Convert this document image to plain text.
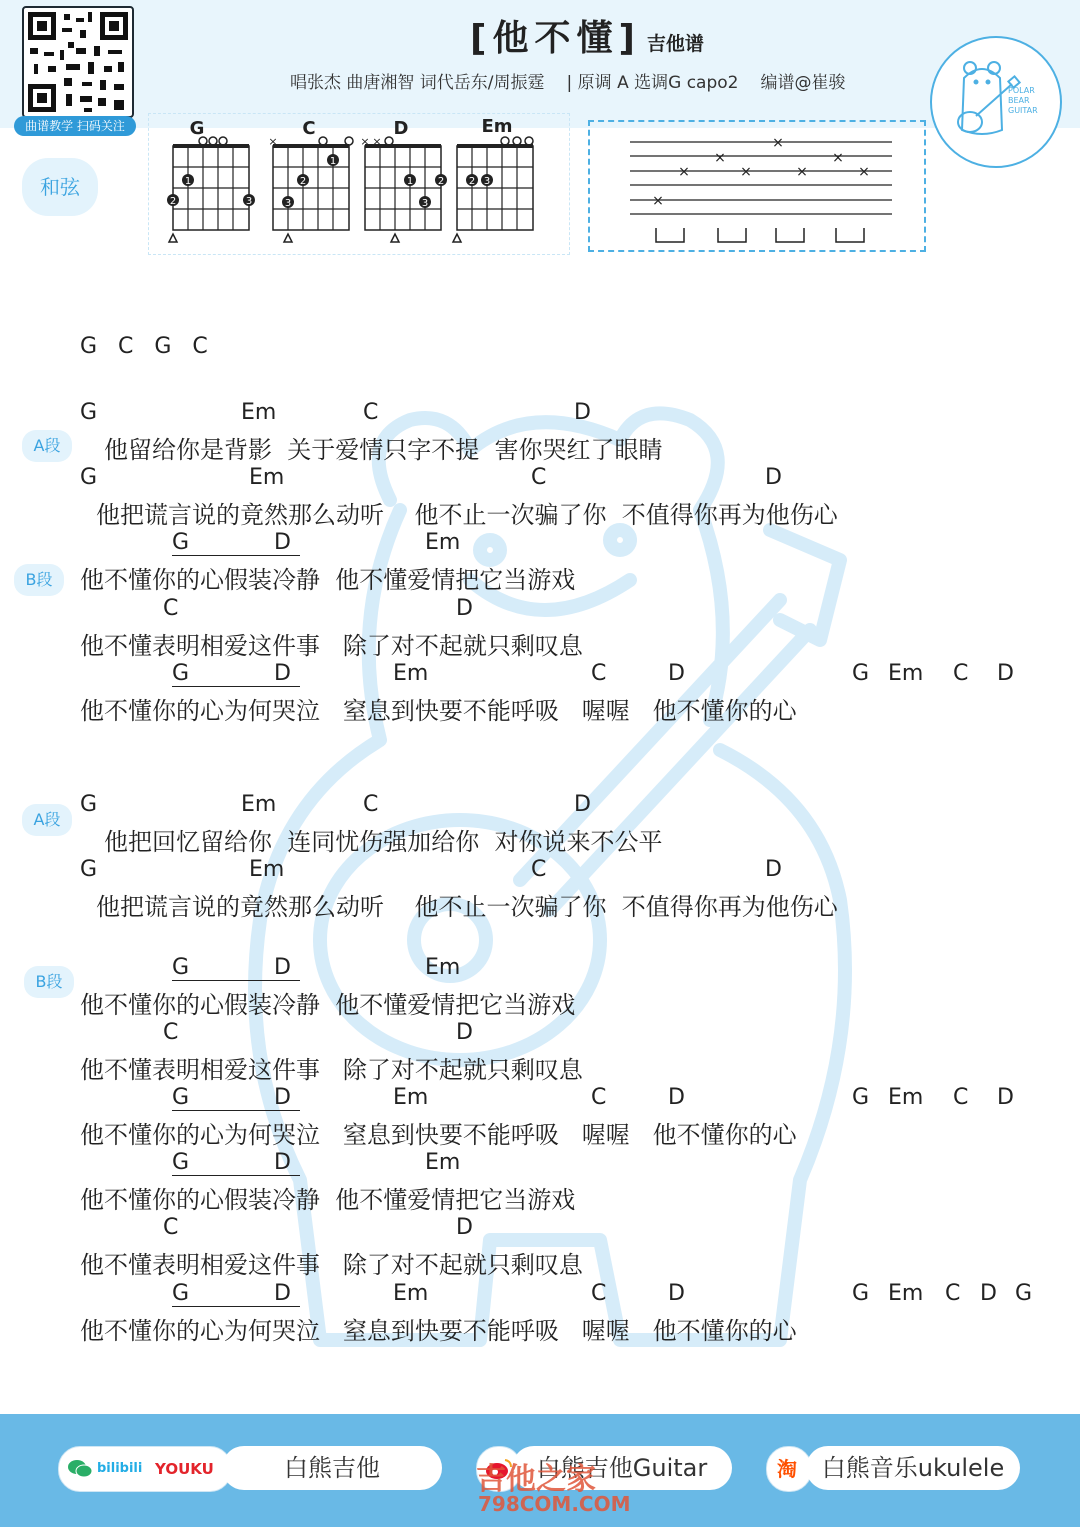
曲谱教学 扫码关注
[他不懂] 吉他谱
唱张杰 曲唐湘智 词代岳东/周振霆 | 原调 A 选调G capo2 编谱@崔骏	POLAR
BEAR
GUITAR
和弦
G
2
1
3
C
×
1
2
3
D
× ×
1 2
3
Em
2 3
×
×
×
×
×
×
×
×
G   C   G   C
A段
G	Em	C	D
他留给你是背影  关于爱情只字不提  害你哭红了眼睛
G	Em	C	D
他把谎言说的竟然那么动听    他不止一次骗了你  不值得你再为他伤心
B段
G	D	Em
他不懂你的心假装冷静  他不懂爱情把它当游戏
C	D
他不懂表明相爱这件事   除了对不起就只剩叹息
G	D	Em	C	D	G Em C D
他不懂你的心为何哭泣   窒息到快要不能呼吸   喔喔   他不懂你的心
A段
G	Em	C	D
他把回忆留给你  连同忧伤强加给你  对你说来不公平
G	Em	C	D
他把谎言说的竟然那么动听    他不止一次骗了你  不值得你再为他伤心
B段
G	D	Em
他不懂你的心假装冷静  他不懂爱情把它当游戏
C	D
他不懂表明相爱这件事   除了对不起就只剩叹息
G	D	Em	C	D	G Em C D
他不懂你的心为何哭泣   窒息到快要不能呼吸   喔喔   他不懂你的心
G	D	Em
他不懂你的心假装冷静  他不懂爱情把它当游戏
C	D
他不懂表明相爱这件事   除了对不起就只剩叹息
G	D	Em	C	D	G Em C D G
他不懂你的心为何哭泣   窒息到快要不能呼吸   喔喔   他不懂你的心
bilibili YOUKU	白熊吉他	白熊吉他Guitar	淘	白熊音乐ukulele
吉他之家
798COM.COM
